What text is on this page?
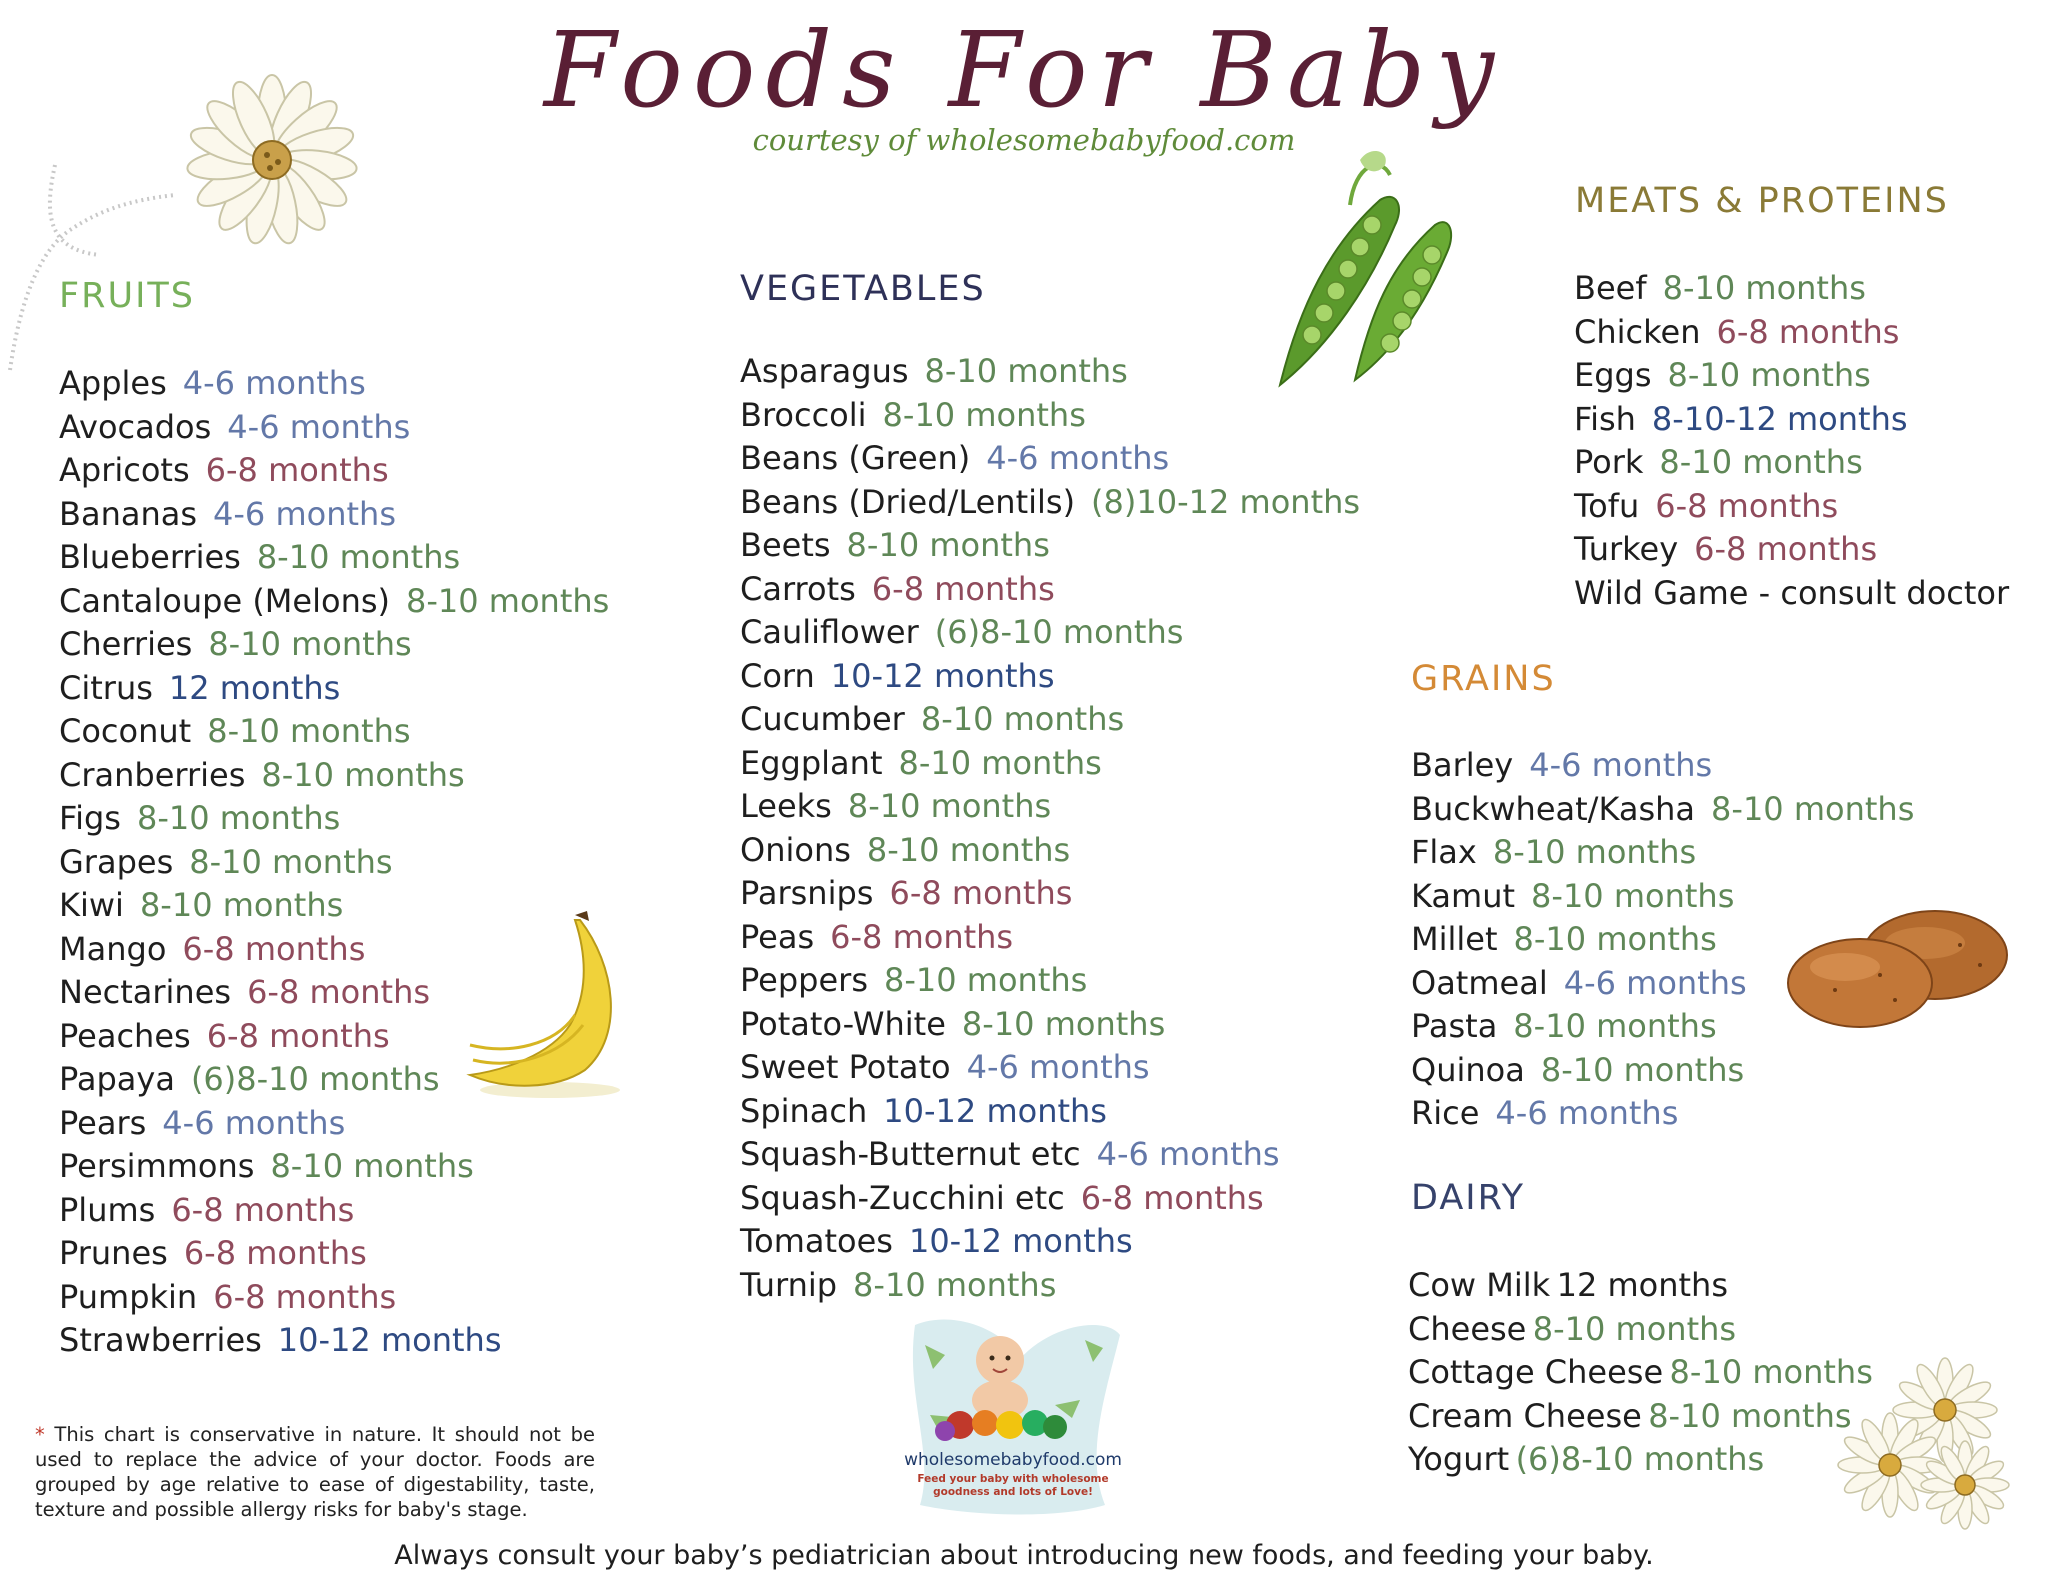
Foods For Baby
courtesy of wholesomebabyfood.com
FRUITS
Apples 4-6 months
Avocados 4-6 months
Apricots 6-8 months
Bananas 4-6 months
Blueberries 8-10 months
Cantaloupe (Melons) 8-10 months
Cherries 8-10 months
Citrus 12 months
Coconut 8-10 months
Cranberries 8-10 months
Figs 8-10 months
Grapes 8-10 months
Kiwi 8-10 months
Mango 6-8 months
Nectarines 6-8 months
Peaches 6-8 months
Papaya (6)8-10 months
Pears 4-6 months
Persimmons 8-10 months
Plums 6-8 months
Prunes 6-8 months
Pumpkin 6-8 months
Strawberries 10-12 months
VEGETABLES
Asparagus 8-10 months
Broccoli 8-10 months
Beans (Green) 4-6 months
Beans (Dried/Lentils) (8)10-12 months
Beets 8-10 months
Carrots 6-8 months
Cauliflower (6)8-10 months
Corn 10-12 months
Cucumber 8-10 months
Eggplant 8-10 months
Leeks 8-10 months
Onions 8-10 months
Parsnips 6-8 months
Peas 6-8 months
Peppers 8-10 months
Potato-White 8-10 months
Sweet Potato 4-6 months
Spinach 10-12 months
Squash-Butternut etc 4-6 months
Squash-Zucchini etc 6-8 months
Tomatoes 10-12 months
Turnip 8-10 months
MEATS & PROTEINS
Beef 8-10 months
Chicken 6-8 months
Eggs 8-10 months
Fish 8-10-12 months
Pork 8-10 months
Tofu 6-8 months
Turkey 6-8 months
Wild Game - consult doctor
GRAINS
Barley 4-6 months
Buckwheat/Kasha 8-10 months
Flax 8-10 months
Kamut 8-10 months
Millet 8-10 months
Oatmeal 4-6 months
Pasta 8-10 months
Quinoa 8-10 months
Rice 4-6 months
DAIRY
Cow Milk 12 months
Cheese 8-10 months
Cottage Cheese 8-10 months
Cream Cheese 8-10 months
Yogurt (6)8-10 months
wholesomebabyfood.com
Feed your baby with wholesome
goodness and lots of Love!
* This chart is conservative in nature. It should not be used to replace the advice of your doctor. Foods are grouped by age relative to ease of digestability, taste, texture and possible allergy risks for baby's stage.
Always consult your baby’s pediatrician about introducing new foods, and feeding your baby.
